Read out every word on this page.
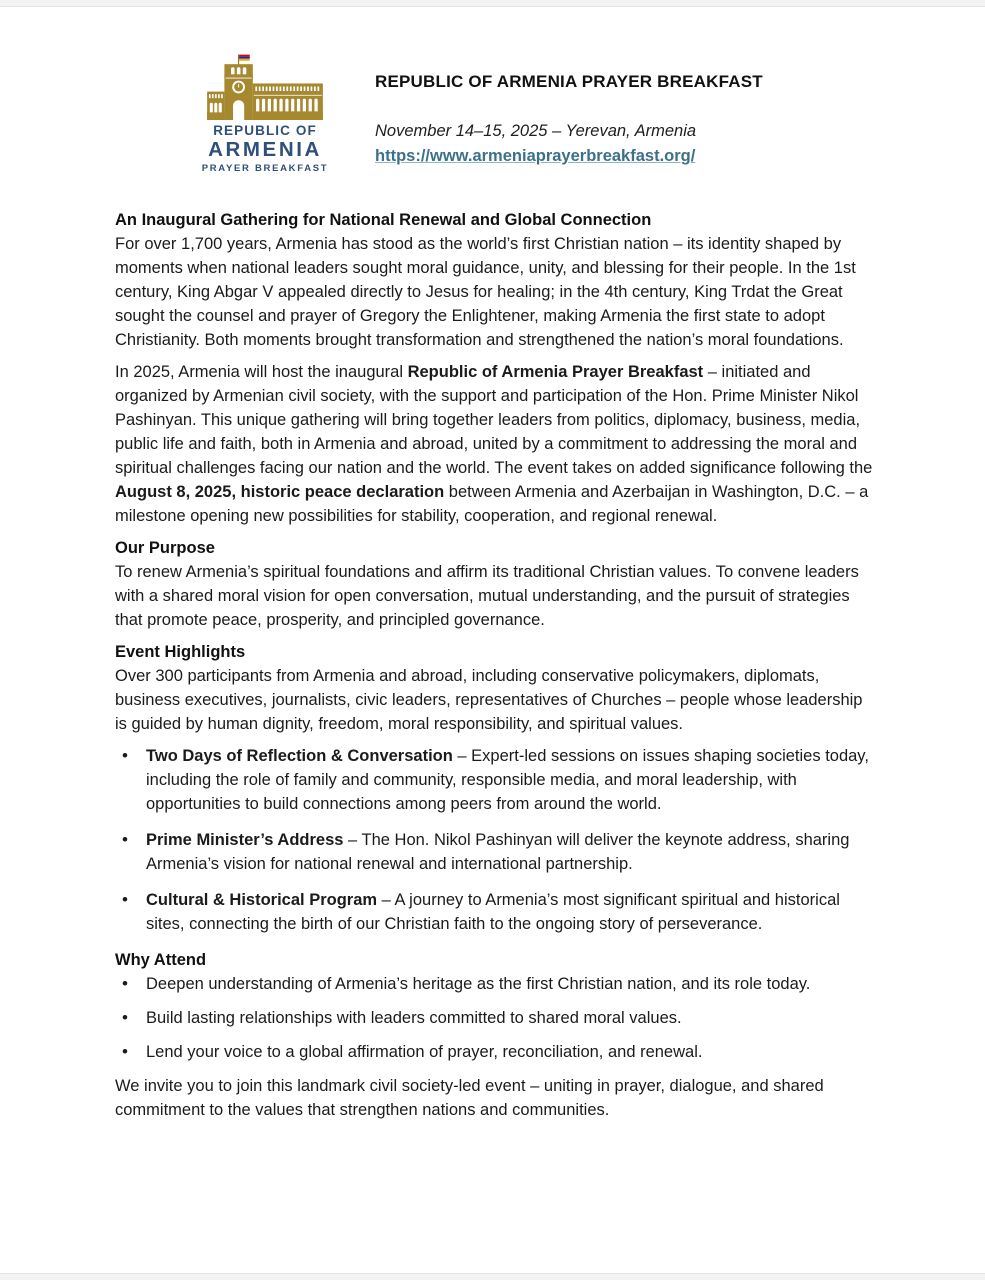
REPUBLIC OF
ARMENIA
PRAYER BREAKFAST
REPUBLIC OF ARMENIA PRAYER BREAKFAST
November 14–15, 2025 – Yerevan, Armenia
https://www.armeniaprayerbreakfast.org/
An Inaugural Gathering for National Renewal and Global Connection

For over 1,700 years, Armenia has stood as the world’s first Christian nation – its identity shaped by moments when national leaders sought moral guidance, unity, and blessing for their people. In the 1st century, King Abgar V appealed directly to Jesus for healing; in the 4th century, King Trdat the Great sought the counsel and prayer of Gregory the Enlightener, making Armenia the first state to adopt Christianity. Both moments brought transformation and strengthened the nation’s moral foundations.

In 2025, Armenia will host the inaugural Republic of Armenia Prayer Breakfast – initiated and organized by Armenian civil society, with the support and participation of the Hon. Prime Minister Nikol Pashinyan. This unique gathering will bring together leaders from politics, diplomacy, business, media, public life and faith, both in Armenia and abroad, united by a commitment to addressing the moral and spiritual challenges facing our nation and the world. The event takes on added significance following the August 8, 2025, historic peace declaration between Armenia and Azerbaijan in Washington, D.C. – a milestone opening new possibilities for stability, cooperation, and regional renewal.

Our Purpose

To renew Armenia’s spiritual foundations and affirm its traditional Christian values. To convene leaders with a shared moral vision for open conversation, mutual understanding, and the pursuit of strategies that promote peace, prosperity, and principled governance.

Event Highlights

Over 300 participants from Armenia and abroad, including conservative policymakers, diplomats, business executives, journalists, civic leaders, representatives of Churches – people whose leadership is guided by human dignity, freedom, moral responsibility, and spiritual values.

• Two Days of Reflection & Conversation – Expert-led sessions on issues shaping societies today, including the role of family and community, responsible media, and moral leadership, with opportunities to build connections among peers from around the world.
• Prime Minister’s Address – The Hon. Nikol Pashinyan will deliver the keynote address, sharing Armenia’s vision for national renewal and international partnership.
• Cultural & Historical Program – A journey to Armenia’s most significant spiritual and historical sites, connecting the birth of our Christian faith to the ongoing story of perseverance.
Why Attend
• Deepen understanding of Armenia’s heritage as the first Christian nation, and its role today.
• Build lasting relationships with leaders committed to shared moral values.
• Lend your voice to a global affirmation of prayer, reconciliation, and renewal.

We invite you to join this landmark civil society-led event – uniting in prayer, dialogue, and shared commitment to the values that strengthen nations and communities.
